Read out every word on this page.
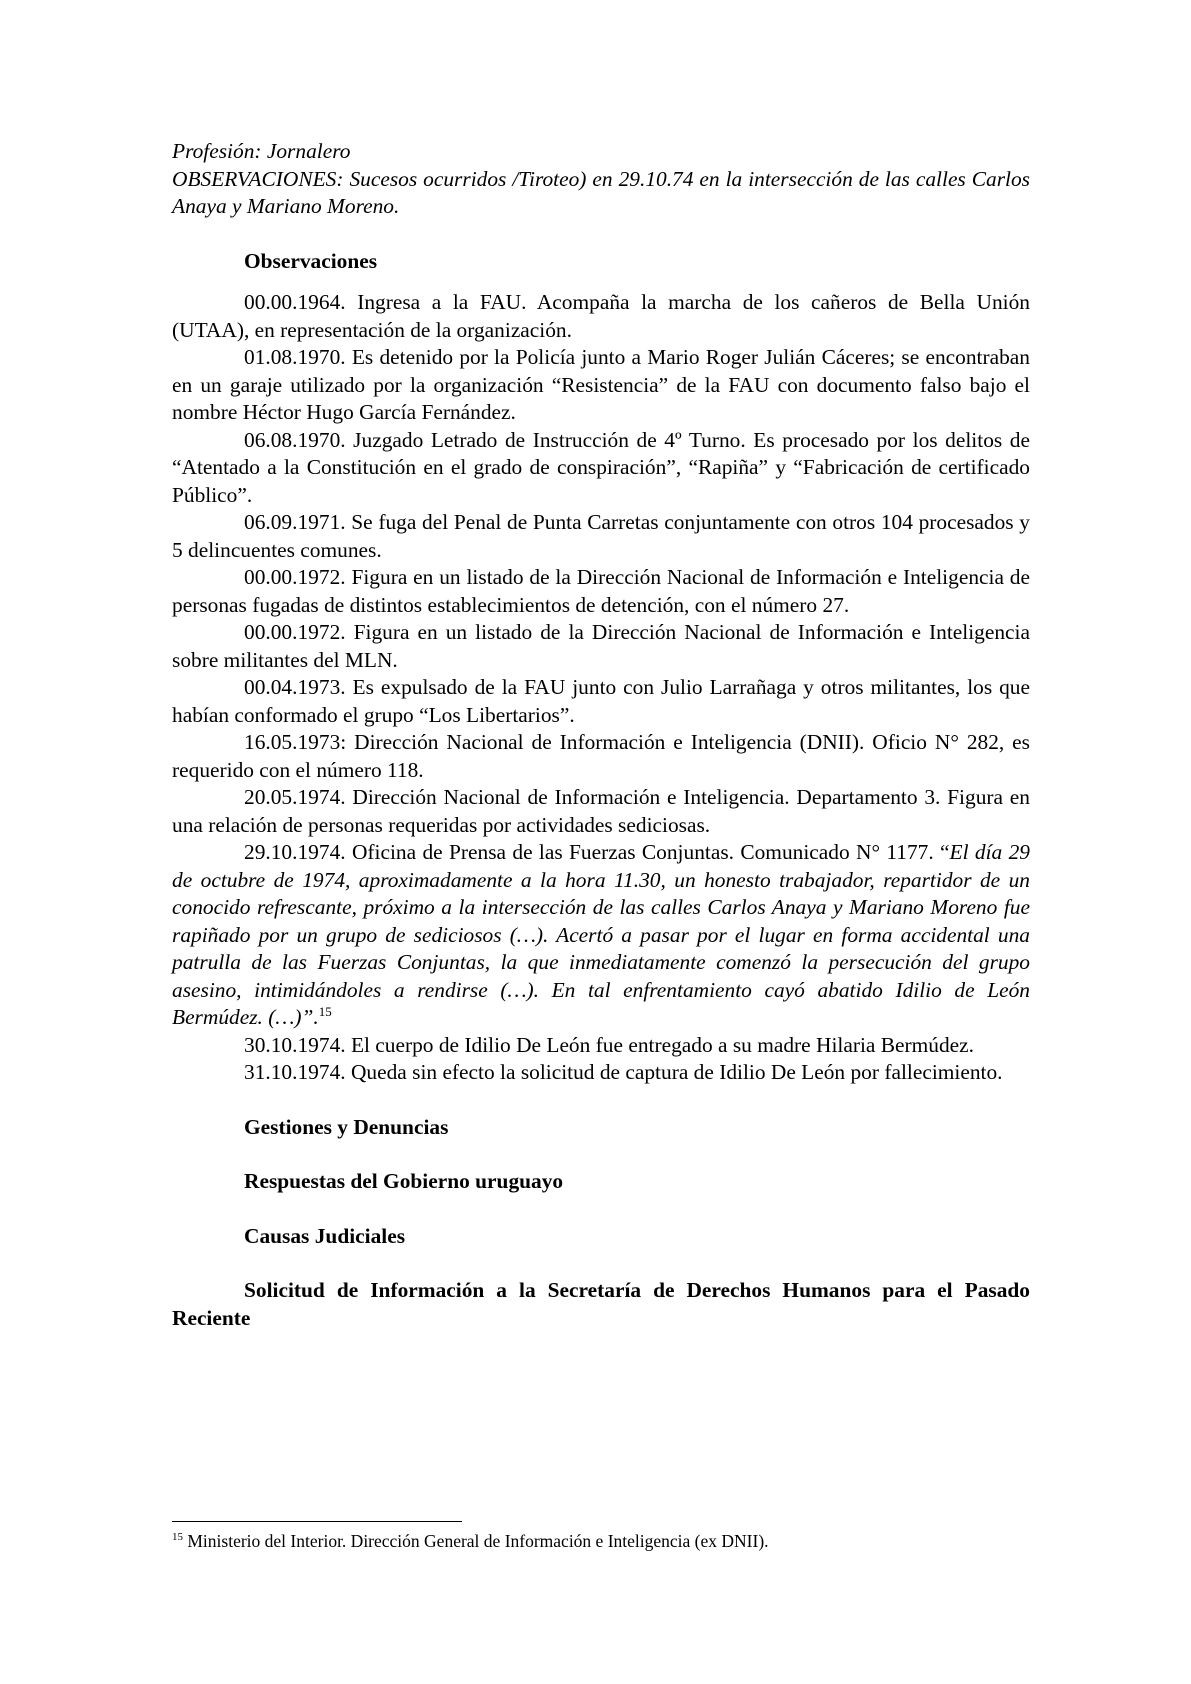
Profesión: Jornalero

OBSERVACIONES: Sucesos ocurridos /Tiroteo) en 29.10.74 en la intersección de las calles Carlos Anaya y Mariano Moreno.

Observaciones

00.00.1964. Ingresa a la FAU. Acompaña la marcha de los cañeros de Bella Unión (UTAA), en representación de la organización.

01.08.1970. Es detenido por la Policía junto a Mario Roger Julián Cáceres; se encontraban en un garaje utilizado por la organización “Resistencia” de la FAU con documento falso bajo el nombre Héctor Hugo García Fernández.

06.08.1970. Juzgado Letrado de Instrucción de 4º Turno. Es procesado por los delitos de “Atentado a la Constitución en el grado de conspiración”, “Rapiña” y “Fabricación de certificado Público”.

06.09.1971. Se fuga del Penal de Punta Carretas conjuntamente con otros 104 procesados y 5 delincuentes comunes.

00.00.1972. Figura en un listado de la Dirección Nacional de Información e Inteligencia de personas fugadas de distintos establecimientos de detención, con el número 27.

00.00.1972. Figura en un listado de la Dirección Nacional de Información e Inteligencia sobre militantes del MLN.

00.04.1973. Es expulsado de la FAU junto con Julio Larrañaga y otros militantes, los que habían conformado el grupo “Los Libertarios”.

16.05.1973: Dirección Nacional de Información e Inteligencia (DNII). Oficio N° 282, es requerido con el número 118.

20.05.1974. Dirección Nacional de Información e Inteligencia. Departamento 3. Figura en una relación de personas requeridas por actividades sediciosas.

29.10.1974. Oficina de Prensa de las Fuerzas Conjuntas. Comunicado N° 1177. “El día 29 de octubre de 1974, aproximadamente a la hora 11.30, un honesto trabajador, repartidor de un conocido refrescante, próximo a la intersección de las calles Carlos Anaya y Mariano Moreno fue rapiñado por un grupo de sediciosos (…). Acertó a pasar por el lugar en forma accidental una patrulla de las Fuerzas Conjuntas, la que inmediatamente comenzó la persecución del grupo asesino, intimidándoles a rendirse (…). En tal enfrentamiento cayó abatido Idilio de León Bermúdez. (…)”.$^{15}$

30.10.1974. El cuerpo de Idilio De León fue entregado a su madre Hilaria Bermúdez.

31.10.1974. Queda sin efecto la solicitud de captura de Idilio De León por fallecimiento.

Gestiones y Denuncias

Respuestas del Gobierno uruguayo

Causas Judiciales

Solicitud de Información a la Secretaría de Derechos Humanos para el Pasado Reciente

$^{15}$ Ministerio del Interior. Dirección General de Información e Inteligencia (ex DNII).
